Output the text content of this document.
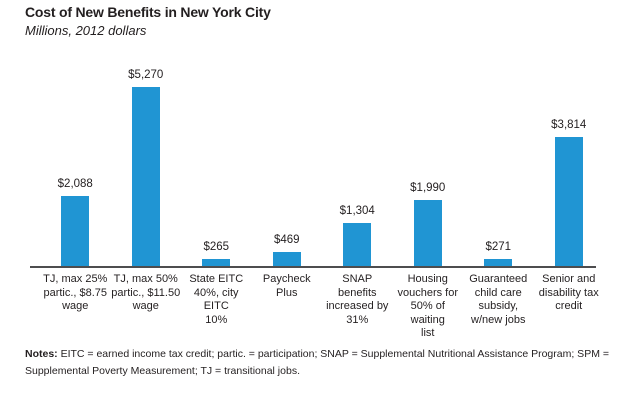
Cost of New Benefits in New York City
Millions, 2012 dollars
$2,088
$5,270
$265
$469
$1,304
$1,990
$271
$3,814
TJ, max 25%
partic., $8.75
wage
TJ, max 50%
partic., $11.50
wage
State EITC
40%, city EITC
10%
Paycheck Plus
SNAP benefits
increased by
31%
Housing
vouchers for
50% of waiting
list
Guaranteed
child care
subsidy,
w/new jobs
Senior and
disability tax
credit
Notes: EITC = earned income tax credit; partic. = participation; SNAP = Supplemental Nutritional Assistance Program; SPM = Supplemental Poverty Measurement; TJ = transitional jobs.
